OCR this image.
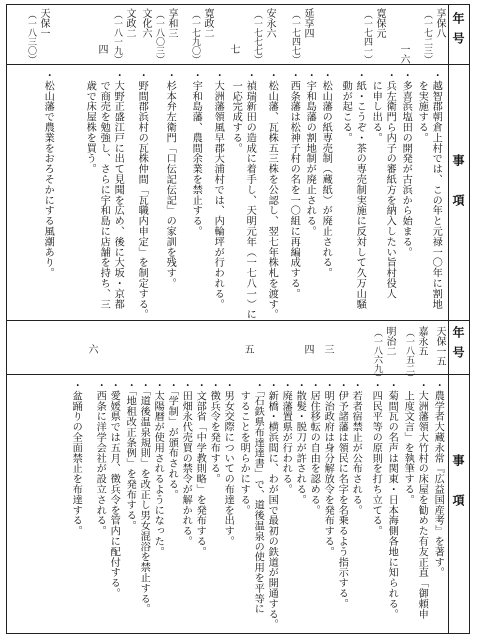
年号
事　項
年号
事　項
享保八
（一七二三）
一六
寛保元
（一七四一）
延享四
（一七四七）
安永六
（一七七七）
七
寛政二
（一七九〇）
享和三
（一八〇三）
文化六
文政二
（一八一九）
四
天保一
（一八三〇）
・越智郡朝倉上村では、この年と元禄一〇年に割地
　を実施する。
・多喜浜塩田の開発が古浜から始まる。
・兵左衛門ら内子の審紙方を納入したい旨村役人
　に申し出る。
・紙・こうぞ・茶の専売制実施に反対して久万山騒
　動が起こる。
・松山藩の紙専売制（蔵紙）が廃止される。
・宇和島藩の割地制が廃止される。
・西条藩は松神子村の名を一〇組に再編成する。
・松山藩、瓦株五三株を公認し、翌七年株札を渡す。
・禎瑞新田の造成に着手し、天明元年（一七八一）に
　一応完成する。
・大洲藩領風早郡大浦村では、内輪坪が行われる。
・宇和島藩、農間余業を禁止する。
・杉本弁左衛門「口伝記伝記」の家訓を残す。
・野間郡浜村の瓦株仲間「瓦職内申定」を制定する。
・大野正盛江戸に出て見聞を広め、後に大坂・京都
　で商売を勉強し、さらに宇和島に店舗を持ち、三
　歳で床屋株を買う。
・松山藩で農業をおろそかにする風潮あり。
天保一五
嘉永五
（一八五二）
明治二
（一八六九）
三
四
五
六
・農学者大蔵永常『広益国産考』を著す。
・大洲藩領大竹村の床屋を勧めた有友正直「御頼申
　上度文言」を執筆する。
・菊間瓦の名声は関東・日本海側各地に知られる。
・四民平等の原則を打ち立てる。
・若者宿禁止が公布される。
・伊予諸藩は領民に名字を名乗るよう指示する。
・明治政府は身分解放令を発布する。
・居住移転の自由を認める。
・散髪・脱刀が許される。
・廃藩置県が行われる。
・新橋・横浜間に、わが国で最初の鉄道が開通する。
・「石鉄県布達達書」で、道後温泉の使用を平等に
　することを明らかにする。
・男女交際についての布達を出す。
・徴兵令を発布する。
・文部省「中学教則略」を発布する。
・田畑永代売買の禁令が解かれる。
・「学制」が頒布される。
・太陽暦が使用されるようになった。
・「道後温泉規則」を改正し男女混浴を禁止する。
・「地租改正条例」を発布する。
・愛媛県では五月、徴兵令を管内に配付する。
・西条に洋学会社が設立される。
・盆踊りの全面禁止を布達する。
